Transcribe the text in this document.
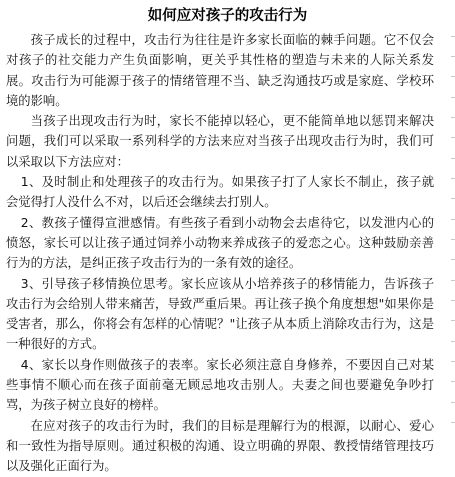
如何应对孩子的攻击行为

孩子成长的过程中，攻击行为往往是许多家长面临的棘手问题。它不仅会对孩子的社交能力产生负面影响，更关乎其性格的塑造与未来的人际关系发展。攻击行为可能源于孩子的情绪管理不当、缺乏沟通技巧或是家庭、学校环境的影响。

当孩子出现攻击行为时，家长不能掉以轻心，更不能简单地以惩罚来解决问题，我们可以采取一系列科学的方法来应对当孩子出现攻击行为时，我们可以采取以下方法应对：

1、及时制止和处理孩子的攻击行为。如果孩子打了人家长不制止，孩子就会觉得打人没什么不对，以后还会继续去打别人。

2、教孩子懂得宣泄感情。有些孩子看到小动物会去虐待它，以发泄内心的愤怒，家长可以让孩子通过饲养小动物来养成孩子的爱恋之心。这种鼓励亲善行为的方法，是纠正孩子攻击行为的一条有效的途径。

3、引导孩子移情换位思考。家长应该从小培养孩子的移情能力，告诉孩子攻击行为会给别人带来痛苦，导致严重后果。再让孩子换个角度想想"如果你是受害者，那么，你将会有怎样的心情呢？"让孩子从本质上消除攻击行为，这是一种很好的方式。

4、家长以身作则做孩子的表率。家长必须注意自身修养，不要因自己对某些事情不顺心而在孩子面前毫无顾忌地攻击别人。夫妻之间也要避免争吵打骂，为孩子树立良好的榜样。

在应对孩子的攻击行为时，我们的目标是理解行为的根源，以耐心、爱心和一致性为指导原则。通过积极的沟通、设立明确的界限、教授情绪管理技巧以及强化正面行为。
